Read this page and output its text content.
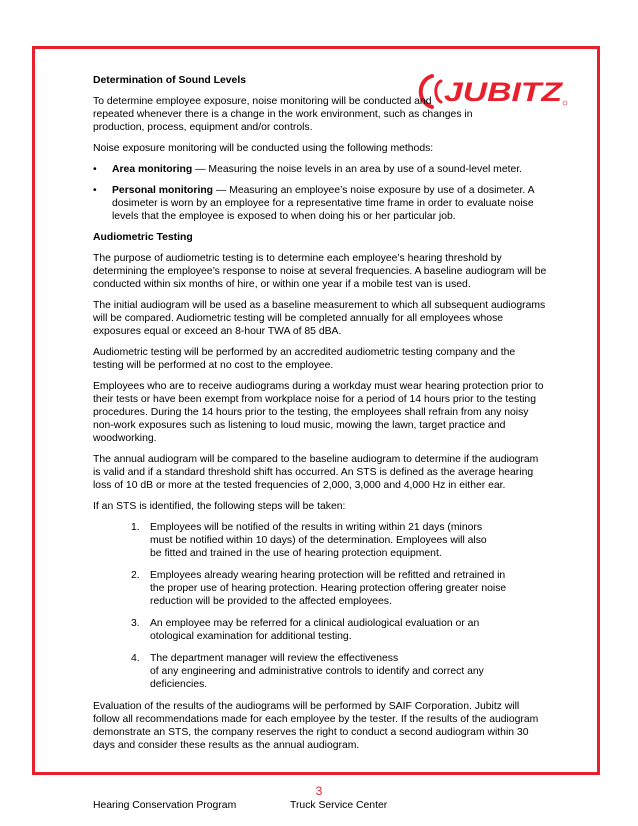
JUBITZ
Determination of Sound Levels

To determine employee exposure, noise monitoring will be conducted and
repeated whenever there is a change in the work environment, such as changes in
production, process, equipment and/or controls.

Noise exposure monitoring will be conducted using the following methods:

• Area monitoring — Measuring the noise levels in an area by use of a sound-level meter.
• Personal monitoring — Measuring an employee’s noise exposure by use of a dosimeter. A dosimeter is worn by an employee for a representative time frame in order to evaluate noise levels that the employee is exposed to when doing his or her particular job.
Audiometric Testing

The purpose of audiometric testing is to determine each employee’s hearing threshold by determining the employee’s response to noise at several frequencies. A baseline audiogram will be conducted within six months of hire, or within one year if a mobile test van is used.

The initial audiogram will be used as a baseline measurement to which all subsequent audiograms will be compared. Audiometric testing will be completed annually for all employees whose exposures equal or exceed an 8-hour TWA of 85 dBA.

Audiometric testing will be performed by an accredited audiometric testing company and the testing will be performed at no cost to the employee.

Employees who are to receive audiograms during a workday must wear hearing protection prior to their tests or have been exempt from workplace noise for a period of 14 hours prior to the testing procedures. During the 14 hours prior to the testing, the employees shall refrain from any noisy non-work exposures such as listening to loud music, mowing the lawn, target practice and woodworking.

The annual audiogram will be compared to the baseline audiogram to determine if the audiogram is valid and if a standard threshold shift has occurred. An STS is defined as the average hearing loss of 10 dB or more at the tested frequencies of 2,000, 3,000 and 4,000 Hz in either ear.

If an STS is identified, the following steps will be taken:

1. Employees will be notified of the results in writing within 21 days (minors
must be notified within 10 days) of the determination. Employees will also
be fitted and trained in the use of hearing protection equipment.
2. Employees already wearing hearing protection will be refitted and retrained in
the proper use of hearing protection. Hearing protection offering greater noise
reduction will be provided to the affected employees.
3. An employee may be referred for a clinical audiological evaluation or an
otological examination for additional testing.
4. The department manager will review the effectiveness
of any engineering and administrative controls to identify and correct any
deficiencies.

Evaluation of the results of the audiograms will be performed by SAIF Corporation. Jubitz will follow all recommendations made for each employee by the tester. If the results of the audiogram demonstrate an STS, the company reserves the right to conduct a second audiogram within 30 days and consider these results as the annual audiogram.

3
Hearing Conservation Program	Truck Service Center
